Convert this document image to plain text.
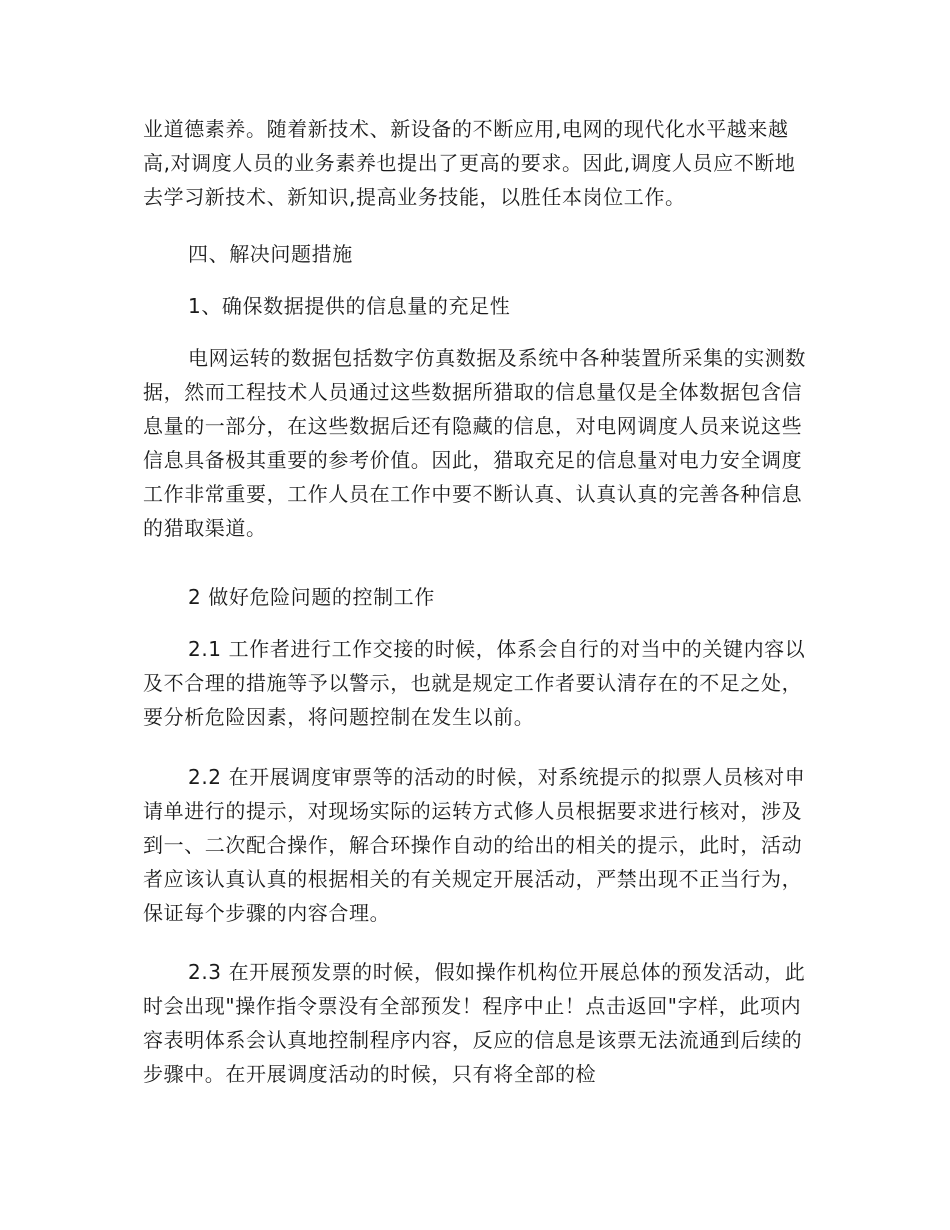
业道德素养。随着新技术、新设备的不断应用,电网的现代化水平越来越高,对调度人员的业务素养也提出了更高的要求。因此,调度人员应不断地去学习新技术、新知识,提高业务技能，以胜任本岗位工作。

四、解决问题措施

1、确保数据提供的信息量的充足性

电网运转的数据包括数字仿真数据及系统中各种装置所采集的实测数据，然而工程技术人员通过这些数据所猎取的信息量仅是全体数据包含信息量的一部分，在这些数据后还有隐藏的信息，对电网调度人员来说这些信息具备极其重要的参考价值。因此，猎取充足的信息量对电力安全调度工作非常重要，工作人员在工作中要不断认真、认真认真的完善各种信息的猎取渠道。

2 做好危险问题的控制工作

2.1 工作者进行工作交接的时候，体系会自行的对当中的关键内容以及不合理的措施等予以警示，也就是规定工作者要认清存在的不足之处，要分析危险因素，将问题控制在发生以前。

2.2 在开展调度审票等的活动的时候，对系统提示的拟票人员核对申请单进行的提示，对现场实际的运转方式修人员根据要求进行核对，涉及到一、二次配合操作，解合环操作自动的给出的相关的提示，此时，活动者应该认真认真的根据相关的有关规定开展活动，严禁出现不正当行为，保证每个步骤的内容合理。

2.3 在开展预发票的时候，假如操作机构位开展总体的预发活动，此时会出现"操作指令票没有全部预发！程序中止！点击返回"字样，此项内容表明体系会认真地控制程序内容，反应的信息是该票无法流通到后续的步骤中。在开展调度活动的时候，只有将全部的检
